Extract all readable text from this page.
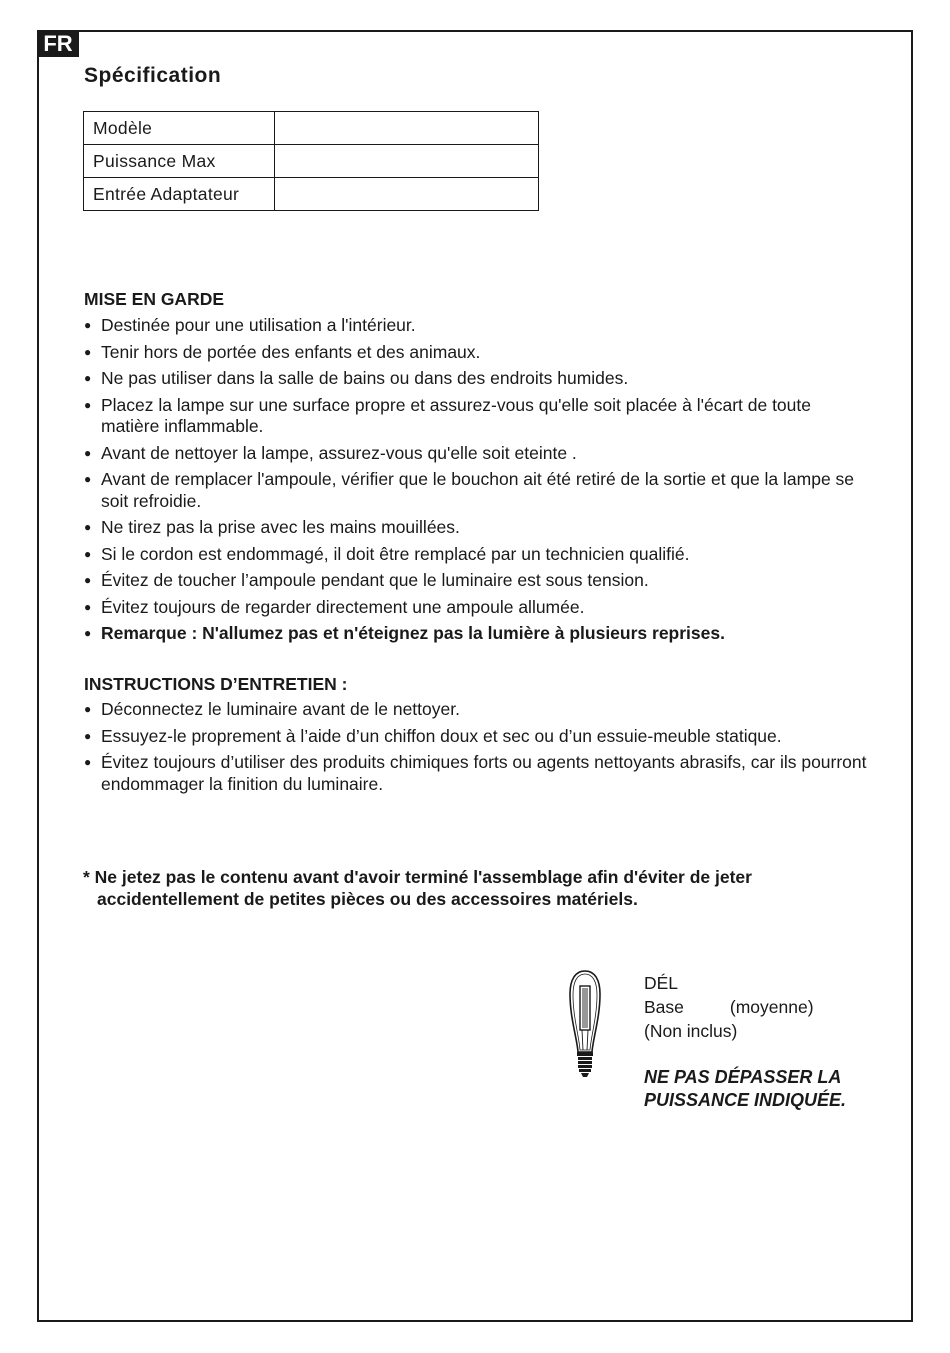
FR
Spécification
Modèle	
Puissance Max	
Entrée Adaptateur	
MISE EN GARDE
● Destinée pour une utilisation a l'intérieur.
● Tenir hors de portée des enfants et des animaux.
● Ne pas utiliser dans la salle de bains ou dans des endroits humides.
● Placez la lampe sur une surface propre et assurez-vous qu'elle soit placée à l'écart de toute matière inflammable.
● Avant de nettoyer la lampe, assurez-vous qu'elle soit eteinte .
● Avant de remplacer l'ampoule, vérifier que le bouchon ait été retiré de la sortie et que la lampe se soit refroidie.
● Ne tirez pas la prise avec les mains mouillées.
● Si le cordon est endommagé, il doit être remplacé par un technicien qualifié.
● Évitez de toucher l’ampoule pendant que le luminaire est sous tension.
● Évitez toujours de regarder directement une ampoule allumée.
● Remarque : N'allumez pas et n'éteignez pas la lumière à plusieurs reprises.
INSTRUCTIONS D’ENTRETIEN :
● Déconnectez le luminaire avant de le nettoyer.
● Essuyez-le proprement à l’aide d’un chiffon doux et sec ou d’un essuie-meuble statique.
● Évitez toujours d’utiliser des produits chimiques forts ou agents nettoyants abrasifs, car ils pourront endommager la finition du luminaire.
* Ne jetez pas le contenu avant d'avoir terminé l'assemblage afin d'éviter de jeter accidentellement de petites pièces ou des accessoires matériels.
DÉL
Base	(moyenne)
(Non inclus)
NE PAS DÉPASSER LA
PUISSANCE INDIQUÉE.
